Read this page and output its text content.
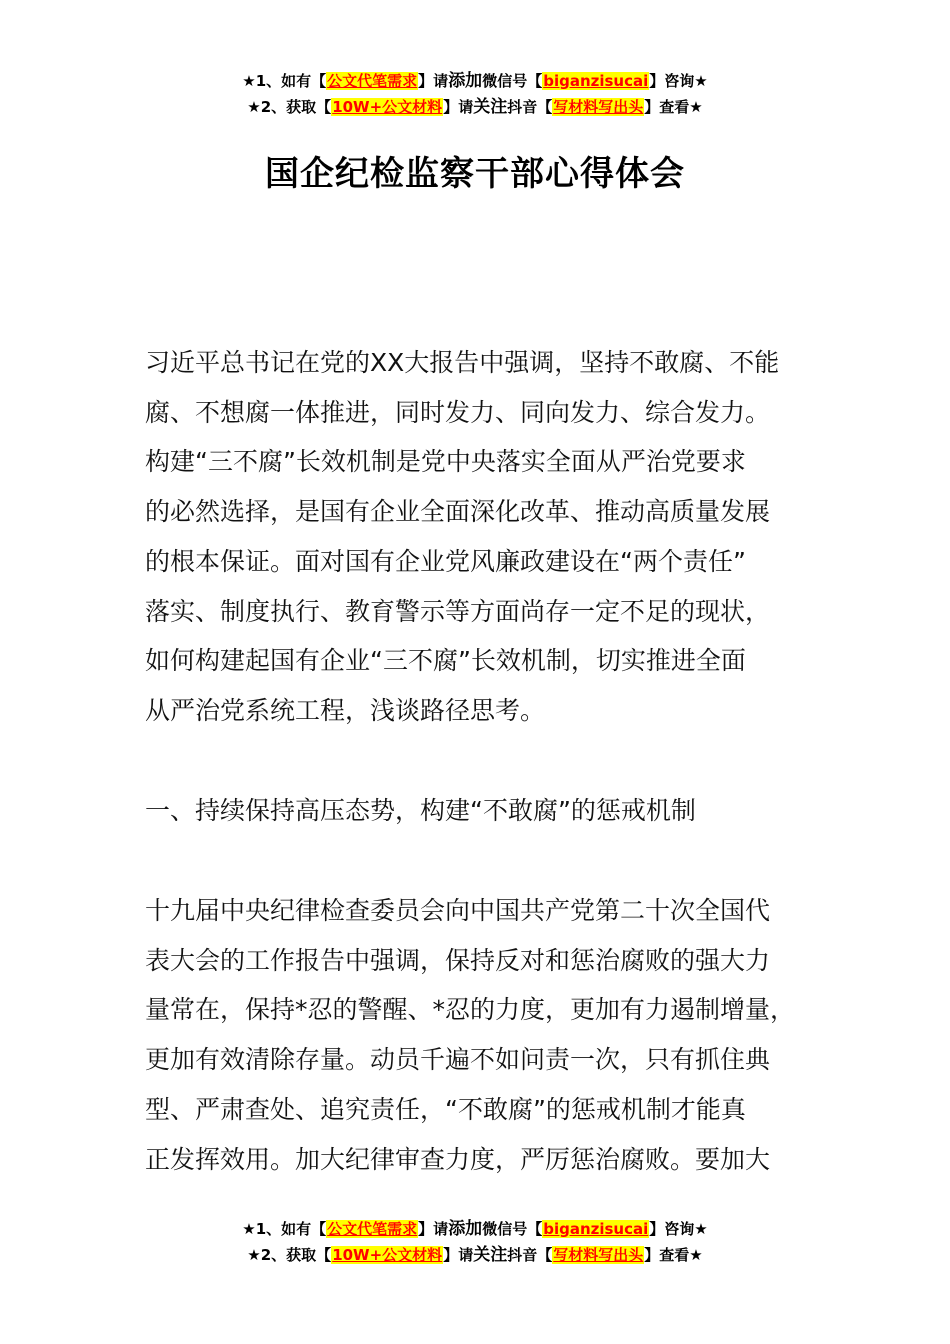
★1、如有【公文代笔需求】请添加微信号【biganzisucai】咨询★
★2、获取【10W+公文材料】请关注抖音【写材料写出头】查看★
国企纪检监察干部心得体会

习近平总书记在党的XX大报告中强调，坚持不敢腐、不能

腐、不想腐一体推进，同时发力、同向发力、综合发力。

构建“三不腐”长效机制是党中央落实全面从严治党要求

的必然选择，是国有企业全面深化改革、推动高质量发展

的根本保证。面对国有企业党风廉政建设在“两个责任”

落实、制度执行、教育警示等方面尚存一定不足的现状，

如何构建起国有企业“三不腐”长效机制，切实推进全面

从严治党系统工程，浅谈路径思考。

一、持续保持高压态势，构建“不敢腐”的惩戒机制

十九届中央纪律检查委员会向中国共产党第二十次全国代

表大会的工作报告中强调，保持反对和惩治腐败的强大力

量常在，保持*忍的警醒、*忍的力度，更加有力遏制增量，

更加有效清除存量。动员千遍不如问责一次，只有抓住典

型、严肃查处、追究责任，“不敢腐”的惩戒机制才能真

正发挥效用。加大纪律审查力度，严厉惩治腐败。要加大

★1、如有【公文代笔需求】请添加微信号【biganzisucai】咨询★
★2、获取【10W+公文材料】请关注抖音【写材料写出头】查看★
